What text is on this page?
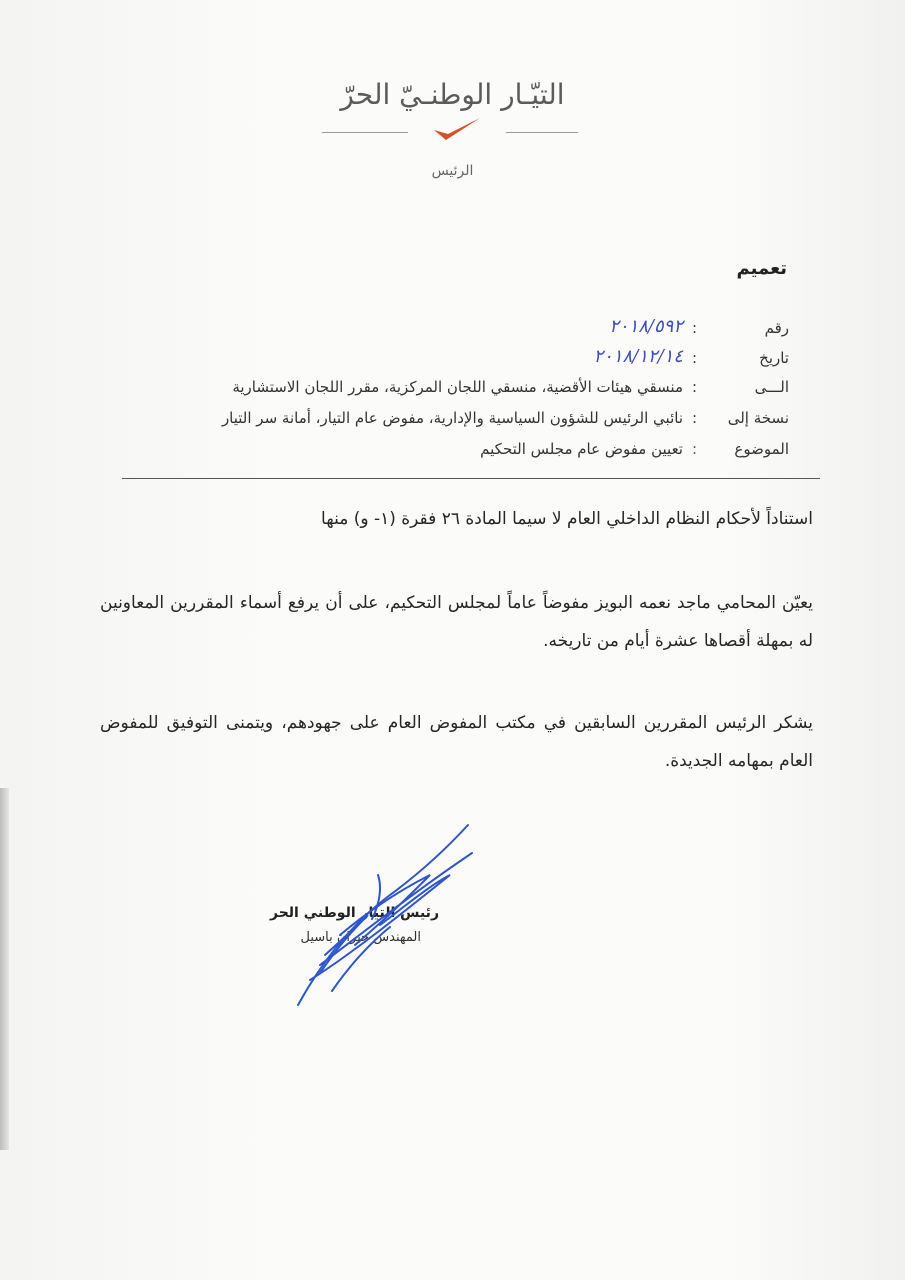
التيّـار الوطنـيّ الحرّ
الرئيس
تعميم
رقم
:
٢٠١٨/٥٩٢
تاريخ
:
٢٠١٨/١٢/١٤
الـــى
:
منسقي هيئات الأقضية، منسقي اللجان المركزية، مقرر اللجان الاستشارية
نسخة إلى
:
نائبي الرئيس للشؤون السياسية والإدارية، مفوض عام التيار، أمانة سر التيار
الموضوع
:
تعيين مفوض عام مجلس التحكيم
استناداً لأحكام النظام الداخلي العام لا سيما المادة ٢٦ فقرة (١- و) منها
يعيّن المحامي ماجد نعمه البويز مفوضاً عاماً لمجلس التحكيم، على أن يرفع أسماء المقررين المعاونين له بمهلة أقصاها عشرة أيام من تاريخه.
يشكر الرئيس المقررين السابقين في مكتب المفوض العام على جهودهم، ويتمنى التوفيق للمفوض العام بمهامه الجديدة.
رئيس التيار الوطني الحر
المهندس جبران باسيل
